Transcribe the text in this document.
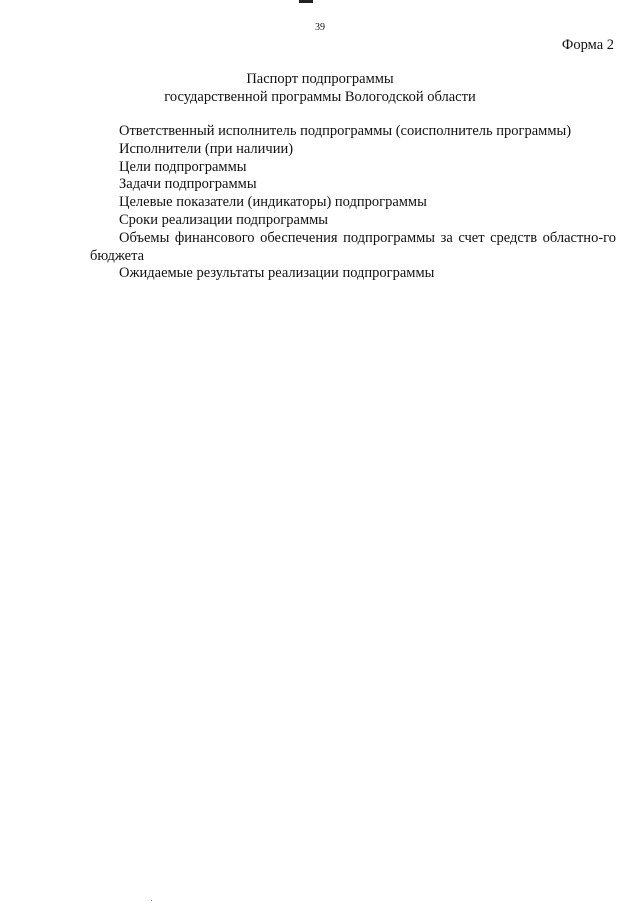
39
Форма 2
Паспорт подпрограммы
государственной программы Вологодской области

Ответственный исполнитель подпрограммы (соисполнитель программы)

Исполнители (при наличии)

Цели подпрограммы

Задачи подпрограммы

Целевые показатели (индикаторы) подпрограммы

Сроки реализации подпрограммы

Объемы финансового обеспечения подпрограммы за счет средств областно-го бюджета

Ожидаемые результаты реализации подпрограммы
